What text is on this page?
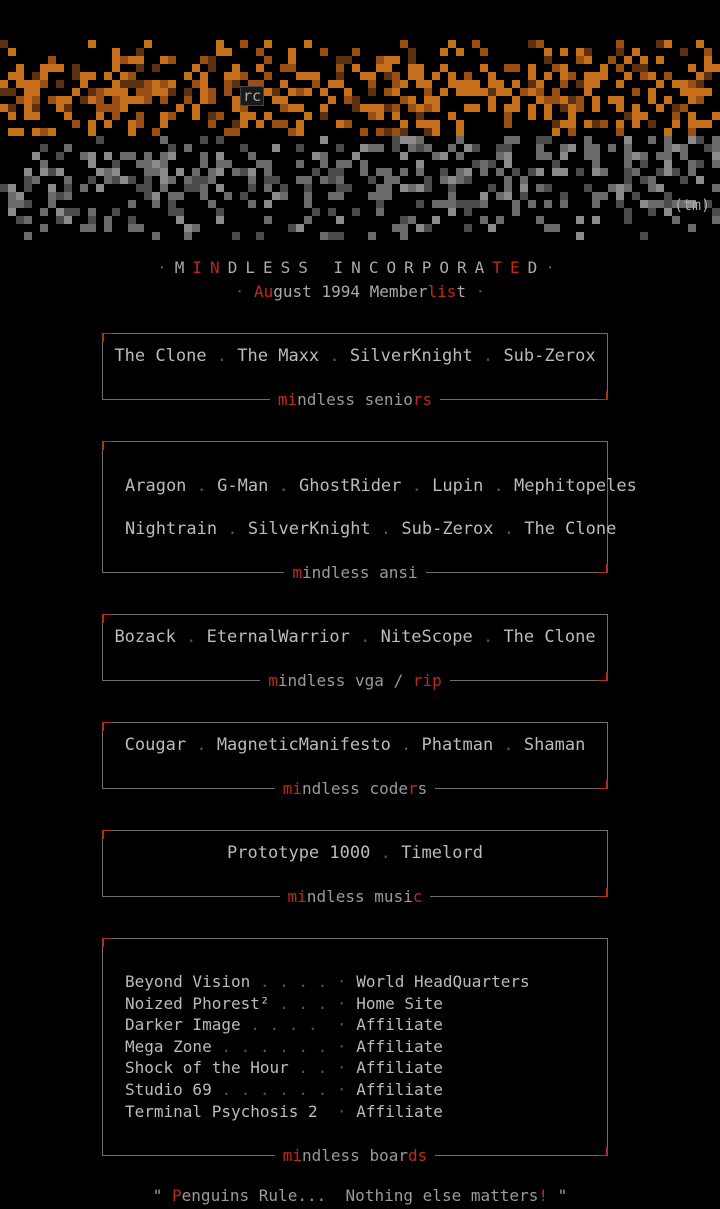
rc
(tm)
·MINDLESS INCORPORATED·
· August 1994 Memberlist ·
The Clone . The Maxx . SilverKnight . Sub-Zerox
mindless seniors
Aragon . G-Man . GhostRider . Lupin . Mephitopeles
Nightrain . SilverKnight . Sub-Zerox . The Clone
mindless ansi
Bozack . EternalWarrior . NiteScope . The Clone
mindless vga / rip
Cougar . MagneticManifesto . Phatman . Shaman
mindless coders
Prototype 1000 . Timelord
mindless music
mindless boards
Beyond Vision . . . . · World HeadQuarters
Noized Phorest² . . . · Home Site
Darker Image . . . .  · Affiliate
Mega Zone . . . . . . · Affiliate
Shock of the Hour . . · Affiliate
Studio 69 . . . . . . · Affiliate
Terminal Psychosis 2  · Affiliate
" Penguins Rule... Nothing else matters! "
